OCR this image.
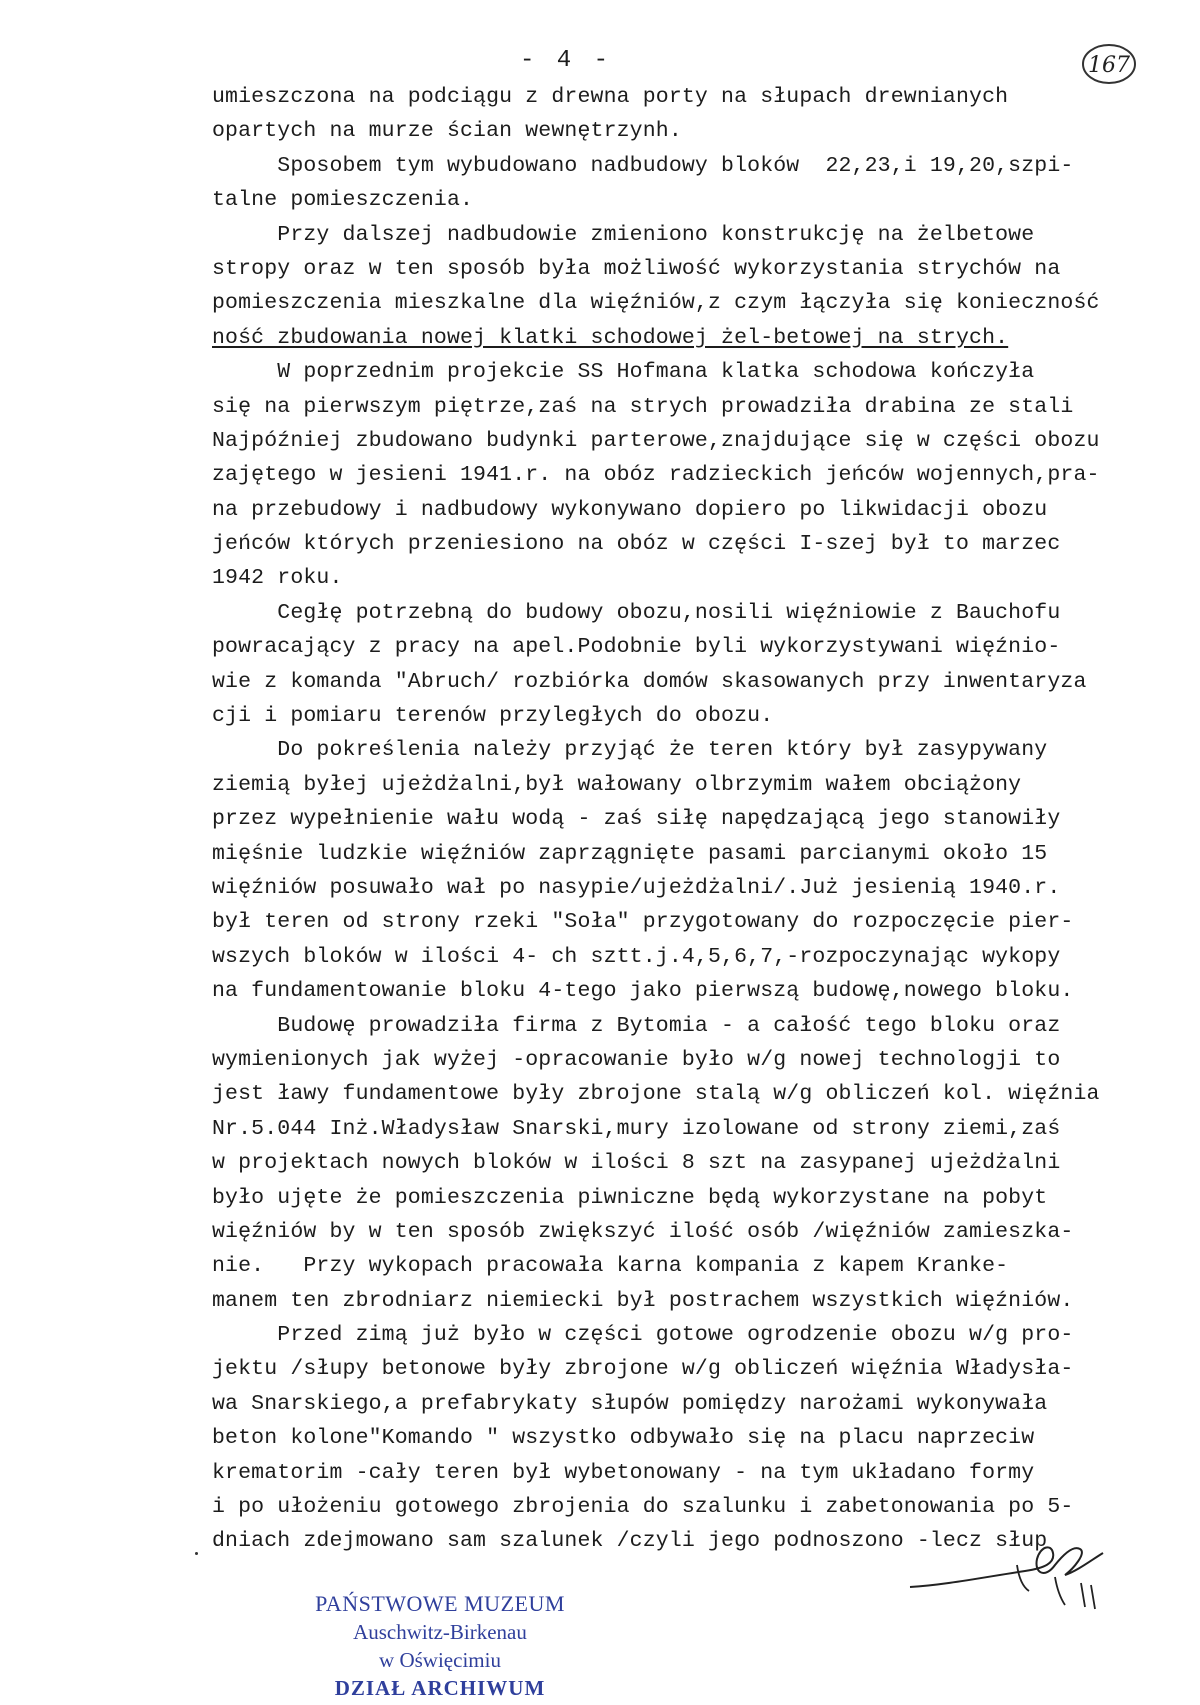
- 4 -	167
umieszczona na podciągu z drewna porty na słupach drewnianych
opartych na murze ścian wewnętrzynh.
Sposobem tym wybudowano nadbudowy bloków  22,23,i 19,20,szpi-
talne pomieszczenia.
Przy dalszej nadbudowie zmieniono konstrukcję na żelbetowe
stropy oraz w ten sposób była możliwość wykorzystania strychów na
pomieszczenia mieszkalne dla więźniów,z czym łączyła się konieczność
ność zbudowania nowej klatki schodowej żel-betowej na strych.
W poprzednim projekcie SS Hofmana klatka schodowa kończyła
się na pierwszym piętrze,zaś na strych prowadziła drabina ze stali
Najpóźniej zbudowano budynki parterowe,znajdujące się w części obozu
zajętego w jesieni 1941.r. na obóz radzieckich jeńców wojennych,pra-
na przebudowy i nadbudowy wykonywano dopiero po likwidacji obozu
jeńców których przeniesiono na obóz w części I-szej był to marzec
1942 roku.
Cegłę potrzebną do budowy obozu,nosili więźniowie z Bauchofu
powracający z pracy na apel.Podobnie byli wykorzystywani więźnio-
wie z komanda "Abruch/ rozbiórka domów skasowanych przy inwentaryza
cji i pomiaru terenów przyległych do obozu.
Do pokreślenia należy przyjąć że teren który był zasypywany
ziemią byłej ujeżdżalni,był wałowany olbrzymim wałem obciążony
przez wypełnienie wału wodą - zaś siłę napędzającą jego stanowiły
mięśnie ludzkie więźniów zaprzągnięte pasami parcianymi około 15
więźniów posuwało wał po nasypie/ujeżdżalni/.Już jesienią 1940.r.
był teren od strony rzeki "Soła" przygotowany do rozpoczęcie pier-
wszych bloków w ilości 4- ch sztt.j.4,5,6,7,-rozpoczynając wykopy
na fundamentowanie bloku 4-tego jako pierwszą budowę,nowego bloku.
Budowę prowadziła firma z Bytomia - a całość tego bloku oraz
wymienionych jak wyżej -opracowanie było w/g nowej technologji to
jest ławy fundamentowe były zbrojone stalą w/g obliczeń kol. więźnia
Nr.5.044 Inż.Władysław Snarski,mury izolowane od strony ziemi,zaś
w projektach nowych bloków w ilości 8 szt na zasypanej ujeżdżalni
było ujęte że pomieszczenia piwniczne będą wykorzystane na pobyt
więźniów by w ten sposób zwiększyć ilość osób /więźniów zamieszka-
nie.   Przy wykopach pracowała karna kompania z kapem Kranke-
manem ten zbrodniarz niemiecki był postrachem wszystkich więźniów.
Przed zimą już było w części gotowe ogrodzenie obozu w/g pro-
jektu /słupy betonowe były zbrojone w/g obliczeń więźnia Władysła-
wa Snarskiego,a prefabrykaty słupów pomiędzy narożami wykonywała
beton kolone"Komando " wszystko odbywało się na placu naprzeciw
krematorim -cały teren był wybetonowany - na tym układano formy
i po ułożeniu gotowego zbrojenia do szalunku i zabetonowania po 5-
dniach zdejmowano sam szalunek /czyli jego podnoszono -lecz słup
PAŃSTWOWE MUZEUM
Auschwitz-Birkenau
w Oświęcimiu
DZIAŁ ARCHIWUM
